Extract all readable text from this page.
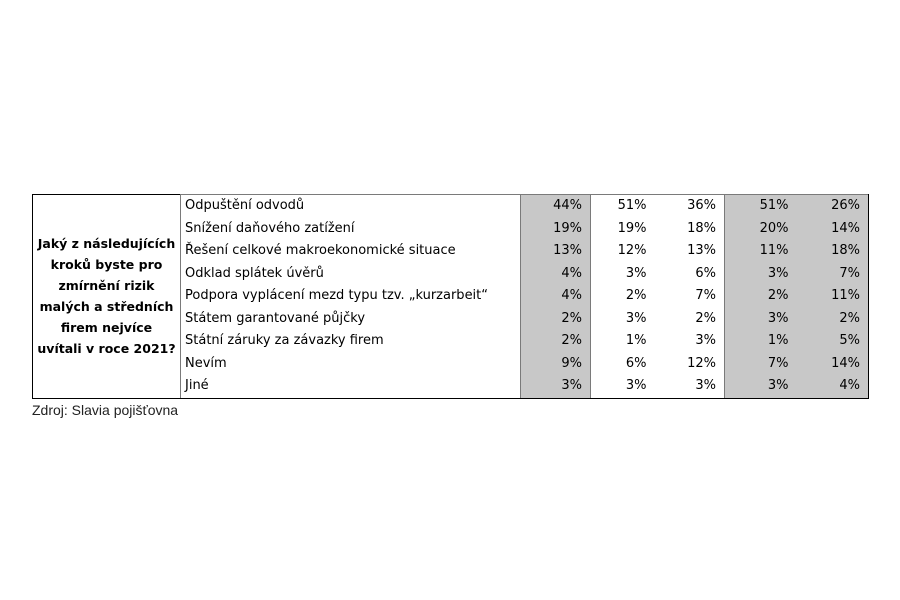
Jaký z následujících kroků byste pro zmírnění rizik malých a středních firem nejvíce uvítali v roce 2021?	Odpuštění odvodů	44%	51%	36%	51%	26%
	Snížení daňového zatížení	19%	19%	18%	20%	14%
	Řešení celkové makroekonomické situace	13%	12%	13%	11%	18%
	Odklad splátek úvěrů	4%	3%	6%	3%	7%
	Podpora vyplácení mezd typu tzv. „kurzarbeit“	4%	2%	7%	2%	11%
	Státem garantované půjčky	2%	3%	2%	3%	2%
	Státní záruky za závazky firem	2%	1%	3%	1%	5%
	Nevím	9%	6%	12%	7%	14%
	Jiné	3%	3%	3%	3%	4%
Zdroj: Slavia pojišťovna
